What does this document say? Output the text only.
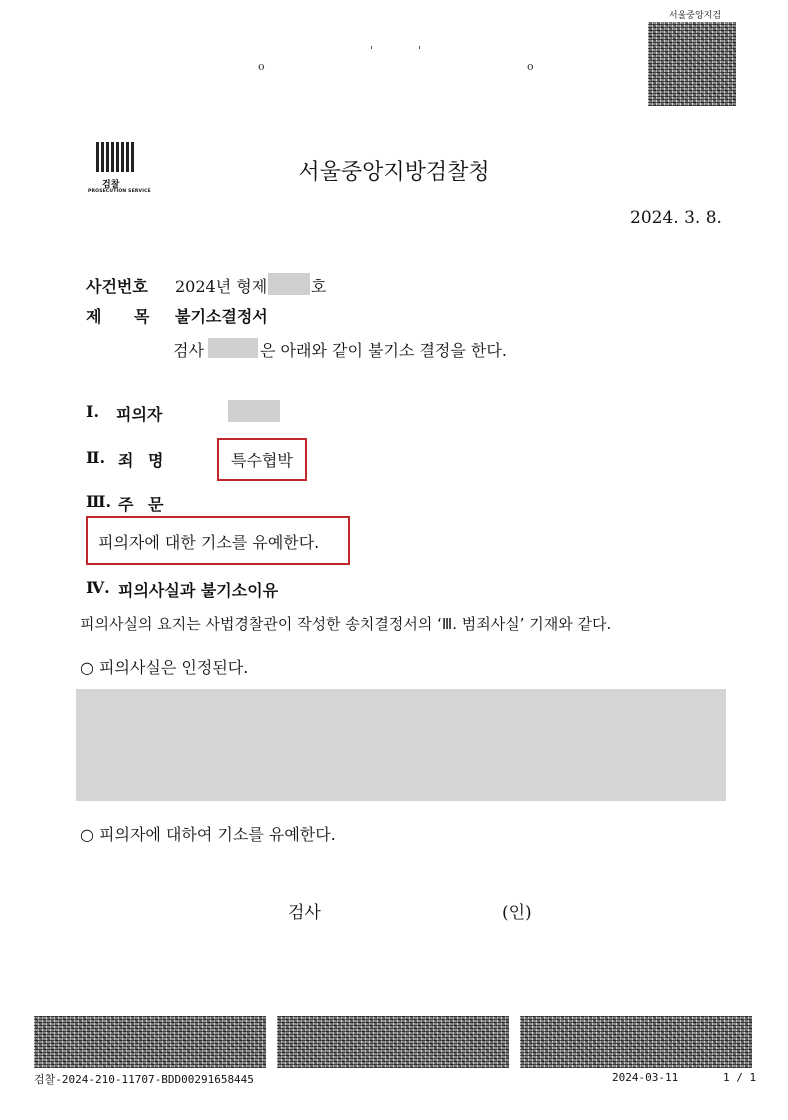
서울중앙지검
'	'
o	o
검찰
PROSECUTION SERVICE
서울중앙지방검찰청
2024. 3. 8.
사건번호 2024년 형제	호
제 목 불기소결정서
검사	은 아래와 같이 불기소 결정을 한다.
Ⅰ. 피의자
Ⅱ. 죄 명	특수협박
Ⅲ. 주 문
피의자에 대한 기소를 유예한다.
Ⅳ. 피의사실과 불기소이유
피의사실의 요지는 사법경찰관이 작성한 송치결정서의 ‘Ⅲ. 범죄사실’ 기재와 같다.
○ 피의사실은 인정된다.
○ 피의자에 대하여 기소를 유예한다.
검사	(인)
검찰-2024-210-11707-BDD00291658445	2024-03-11	1 / 1
